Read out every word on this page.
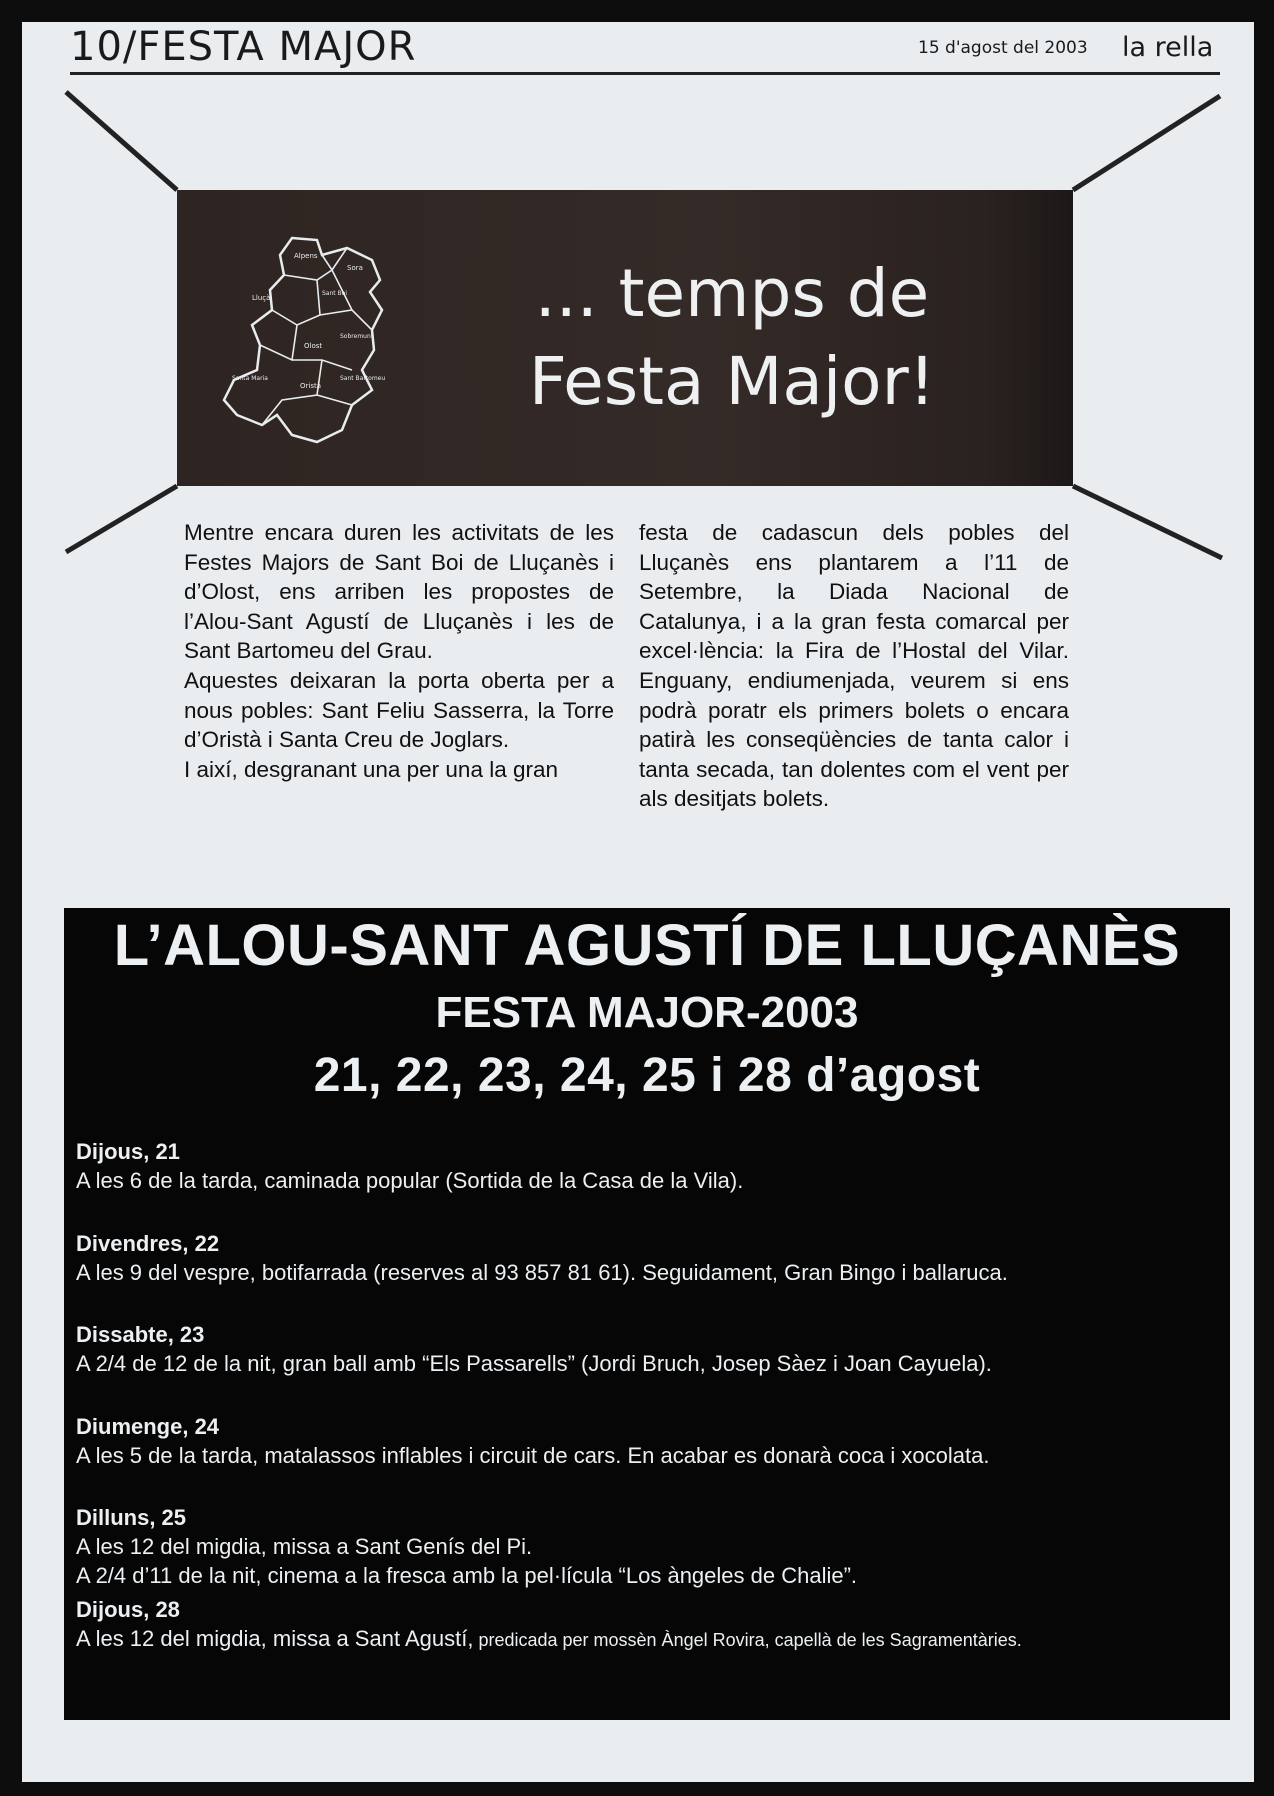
10/FESTA MAJOR	15 d'agost del 2003 la rella
Alpens
Sora
Lluçà
Sant Boi
Sobremunt
Olost
Santa Maria
Oristà
Sant Bartomeu
... temps de
Festa Major!

Mentre encara duren les activitats de les Festes Majors de Sant Boi de Lluçanès i d’Olost, ens arriben les propostes de l’Alou-Sant Agustí de Lluçanès i les de Sant Bartomeu del Grau.

Aquestes deixaran la porta oberta per a nous pobles: Sant Feliu Sasserra, la Torre d’Oristà i Santa Creu de Joglars.

I així, desgranant una per una la gran

festa de cadascun dels pobles del Lluçanès ens plantarem a l’11 de Setembre, la Diada Nacional de Catalunya, i a la gran festa comarcal per excel·lència: la Fira de l’Hostal del Vilar. Enguany, endiumenjada, veurem si ens podrà poratr els primers bolets o encara patirà les conseqüències de tanta calor i tanta secada, tan dolentes com el vent per als desitjats bolets.

L’ALOU-SANT AGUSTÍ DE LLUÇANÈS
FESTA MAJOR-2003
21, 22, 23, 24, 25 i 28 d’agost
Dijous, 21
A les 6 de la tarda, caminada popular (Sortida de la Casa de la Vila).
Divendres, 22
A les 9 del vespre, botifarrada (reserves al 93 857 81 61). Seguidament, Gran Bingo i ballaruca.
Dissabte, 23
A 2/4 de 12 de la nit, gran ball amb “Els Passarells” (Jordi Bruch, Josep Sàez i Joan Cayuela).
Diumenge, 24
A les 5 de la tarda, matalassos inflables i circuit de cars. En acabar es donarà coca i xocolata.
Dilluns, 25
A les 12 del migdia, missa a Sant Genís del Pi.
A 2/4 d’11 de la nit, cinema a la fresca amb la pel·lícula “Los àngeles de Chalie”.
Dijous, 28
A les 12 del migdia, missa a Sant Agustí, predicada per mossèn Àngel Rovira, capellà de les Sagramentàries.
